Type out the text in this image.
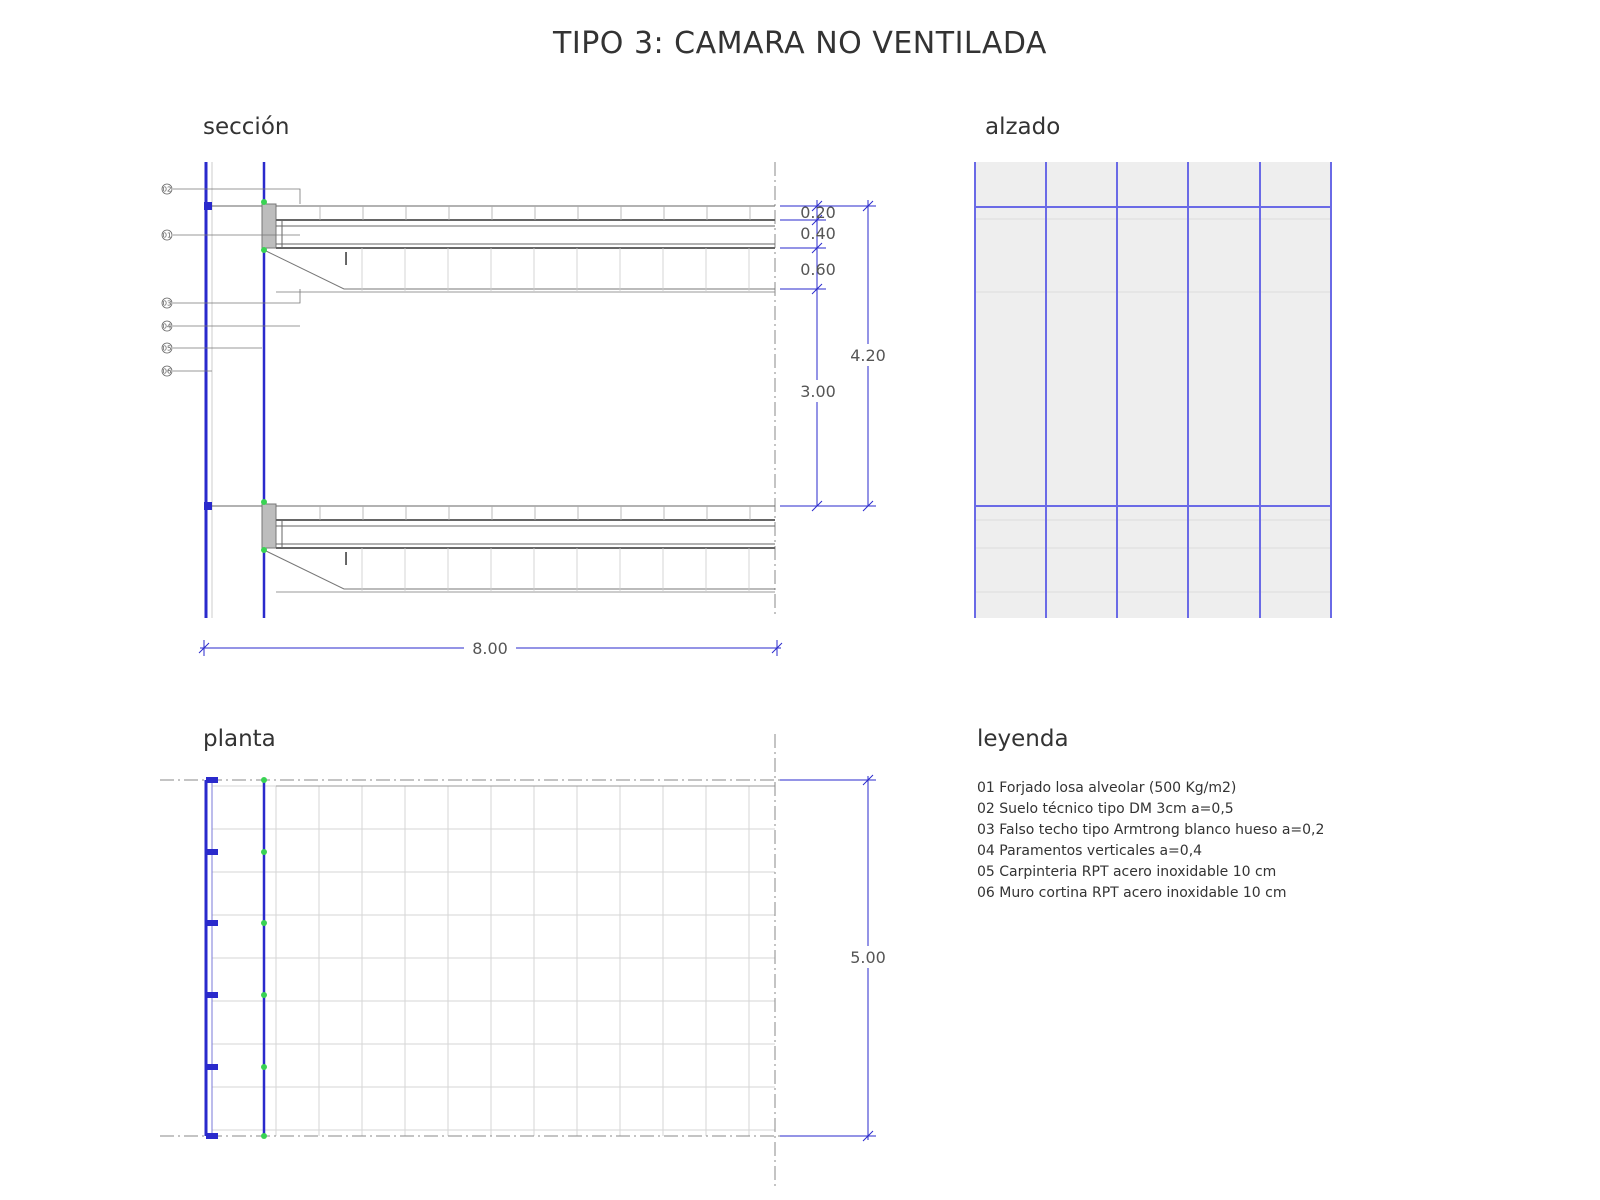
TIPO 3: CAMARA NO VENTILADA
sección	alzado
planta	leyenda
I
I
02
01
03
04
05
06
0.20
0.40
0.60
3.00
4.20
8.00
5.00
01 Forjado losa alveolar (500 Kg/m2)
02 Suelo técnico tipo DM 3cm a=0,5
03 Falso techo tipo Armtrong blanco hueso a=0,2
04 Paramentos verticales a=0,4
05 Carpinteria RPT acero inoxidable 10 cm
06 Muro cortina RPT acero inoxidable 10 cm
